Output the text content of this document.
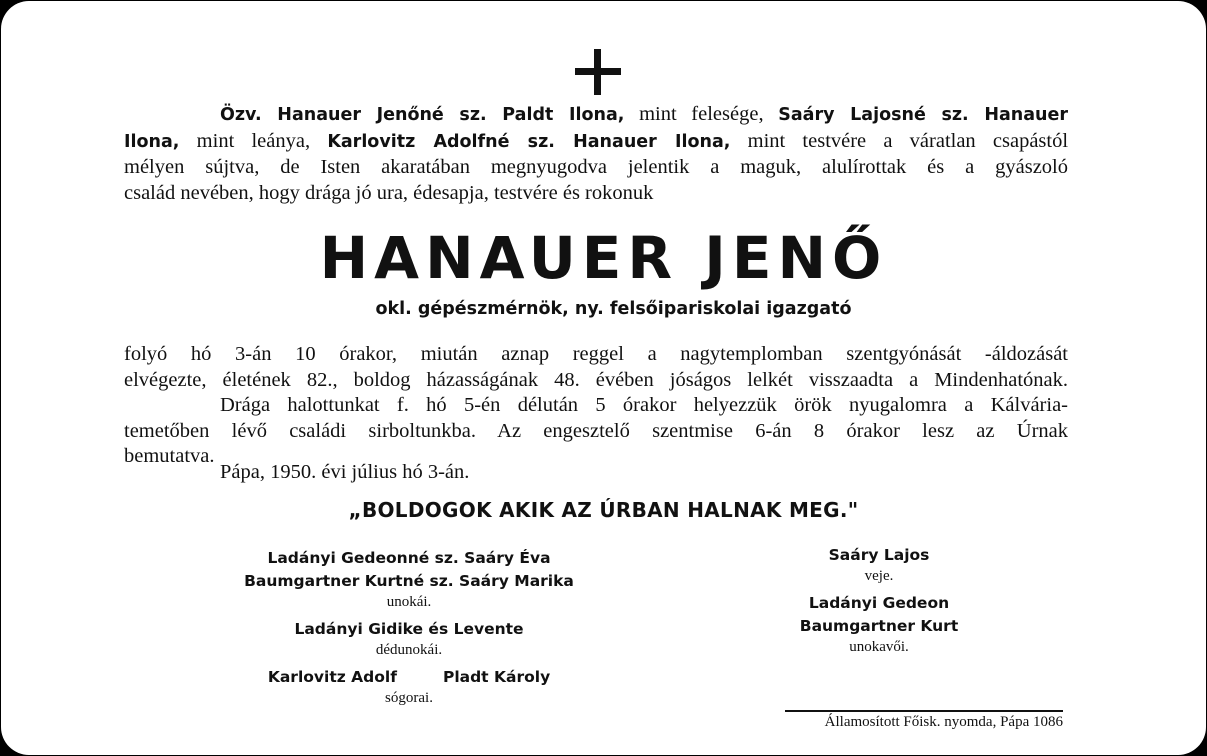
Özv. Hanauer Jenőné sz. Paldt Ilona, mint felesége, Saáry Lajosné sz. Hanauer
Ilona, mint leánya, Karlovitz Adolfné sz. Hanauer Ilona, mint testvére a váratlan csapástól
mélyen sújtva, de Isten akaratában megnyugodva jelentik a maguk, alulírottak és a gyászoló
család nevében, hogy drága jó ura, édesapja, testvére és rokonuk
HANAUER JENŐ
okl. gépészmérnök, ny. felsőipariskolai igazgató
folyó hó 3-án 10 órakor, miután aznap reggel a nagytemplomban szentgyónását -áldozását
elvégezte, életének 82., boldog házasságának 48. évében jóságos lelkét visszaadta a Mindenhatónak.
Drága halottunkat f. hó 5-én délután 5 órakor helyezzük örök nyugalomra a Kálvária-
temetőben lévő családi sirboltunkba. Az engesztelő szentmise 6-án 8 órakor lesz az Úrnak
bemutatva.
Pápa, 1950. évi július hó 3-án.
„BOLDOGOK AKIK AZ ÚRBAN HALNAK MEG."
Ladányi Gedeonné sz. Saáry Éva
Baumgartner Kurtné sz. Saáry Marika
unokái.
Ladányi Gidike és Levente
dédunokái.
Karlovitz Adolf	Pladt Károly
sógorai.
Saáry Lajos
veje.
Ladányi Gedeon
Baumgartner Kurt
unokavői.
Államosított Főisk. nyomda, Pápa 1086
